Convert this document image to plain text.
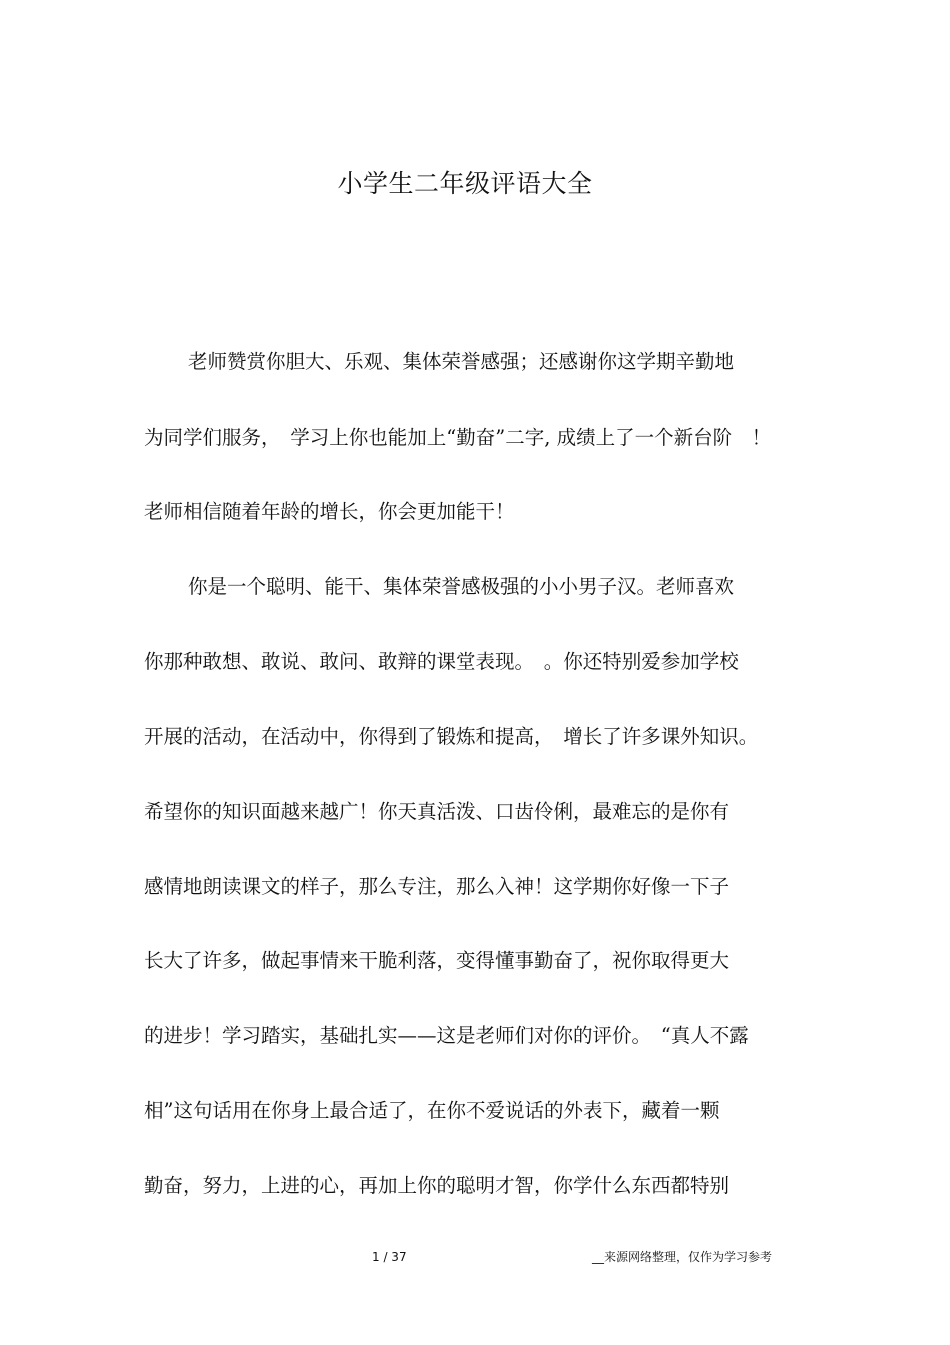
小学生二年级评语大全
老师赞赏你胆大、乐观、集体荣誉感强；还感谢你这学期辛勤地
为同学们服务，　学习上你也能加上“勤奋”二字, 成绩上了一个新台阶　！
老师相信随着年龄的增长，你会更加能干！
你是一个聪明、能干、集体荣誉感极强的小小男子汉。老师喜欢
你那种敢想、敢说、敢问、敢辩的课堂表现。　。你还特别爱参加学校
开展的活动，在活动中，你得到了锻炼和提高，　增长了许多课外知识。
希望你的知识面越来越广！你天真活泼、口齿伶俐，最难忘的是你有
感情地朗读课文的样子，那么专注，那么入神！这学期你好像一下子
长大了许多，做起事情来干脆利落，变得懂事勤奋了，祝你取得更大
的进步！学习踏实，基础扎实——这是老师们对你的评价。　“真人不露
相”这句话用在你身上最合适了，在你不爱说话的外表下，藏着一颗
勤奋，努力，上进的心，再加上你的聪明才智，你学什么东西都特别
1 / 37	__来源网络整理，仅作为学习参考
